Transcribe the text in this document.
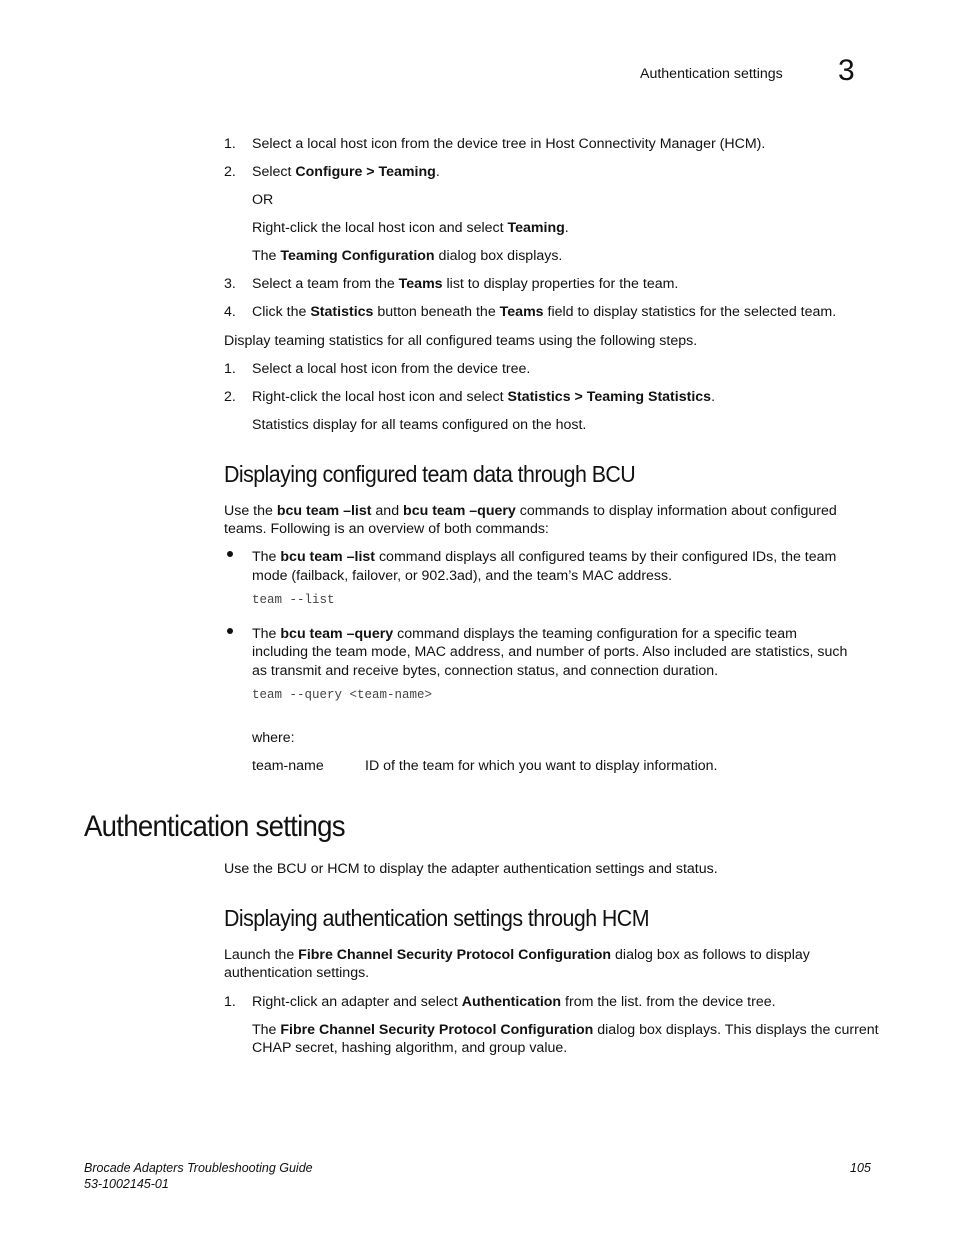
Authentication settings 3
1. Select a local host icon from the device tree in Host Connectivity Manager (HCM).
2. Select Configure > Teaming.
OR
Right-click the local host icon and select Teaming.
The Teaming Configuration dialog box displays.
3. Select a team from the Teams list to display properties for the team.
4. Click the Statistics button beneath the Teams field to display statistics for the selected team.
Display teaming statistics for all configured teams using the following steps.
1. Select a local host icon from the device tree.
2. Right-click the local host icon and select Statistics > Teaming Statistics.
Statistics display for all teams configured on the host.
Displaying configured team data through BCU
Use the bcu team –list and bcu team –query commands to display information about configured
teams. Following is an overview of both commands:
The bcu team –list command displays all configured teams by their configured IDs, the team
mode (failback, failover, or 902.3ad), and the team’s MAC address.
team --list
The bcu team –query command displays the teaming configuration for a specific team
including the team mode, MAC address, and number of ports. Also included are statistics, such
as transmit and receive bytes, connection status, and connection duration.
team --query <team-name>
where:
team-name	ID of the team for which you want to display information.
Authentication settings
Use the BCU or HCM to display the adapter authentication settings and status.
Displaying authentication settings through HCM
Launch the Fibre Channel Security Protocol Configuration dialog box as follows to display
authentication settings.
1. Right-click an adapter and select Authentication from the list. from the device tree.
The Fibre Channel Security Protocol Configuration dialog box displays. This displays the current
CHAP secret, hashing algorithm, and group value.
Brocade Adapters Troubleshooting Guide
53-1002145-01
105
